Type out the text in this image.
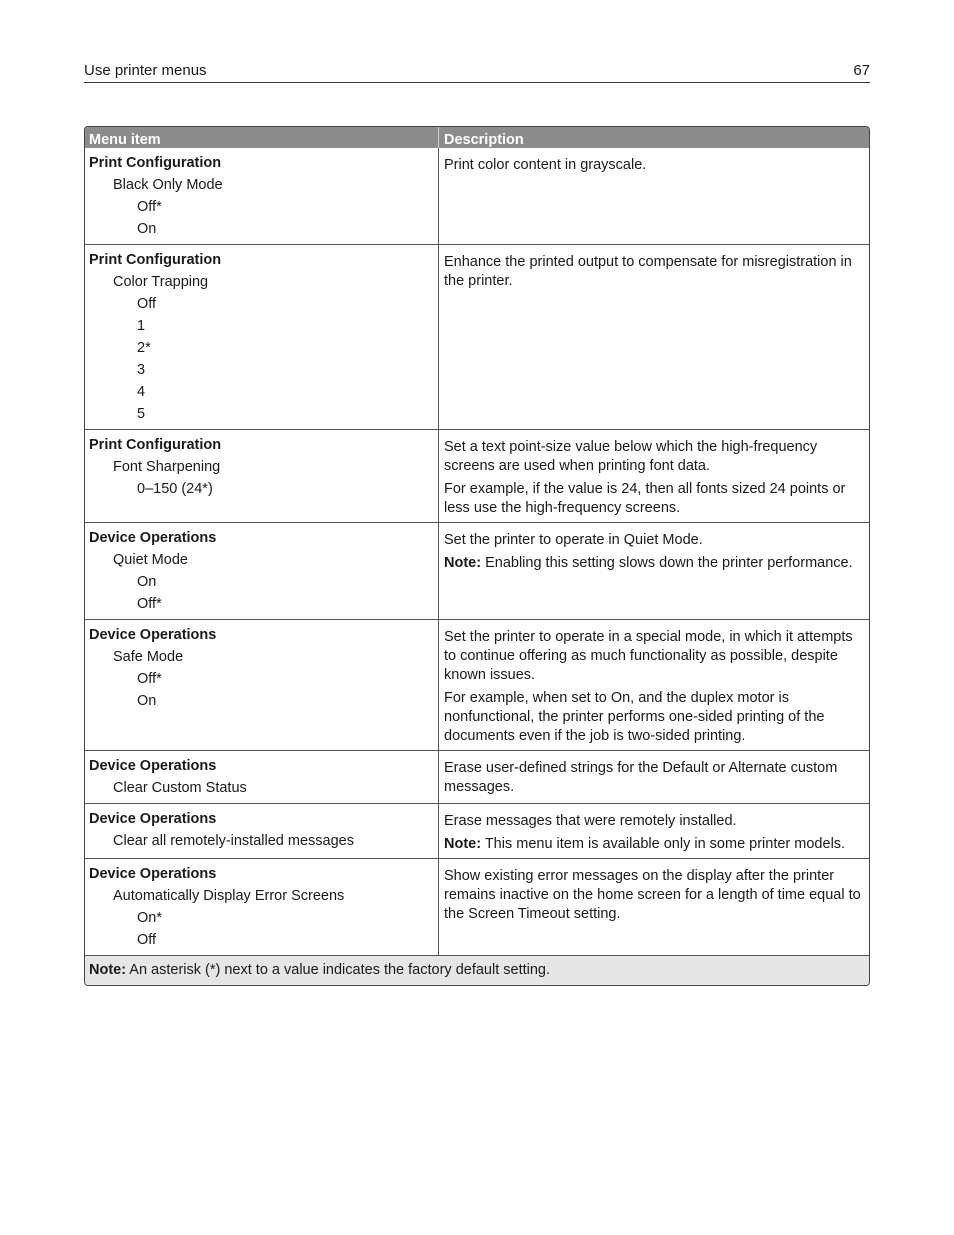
Use printer menus	67
Menu item	Description
Print Configuration
Black Only Mode
Off*
On
Print color content in grayscale.
Print Configuration
Color Trapping
Off
1
2*
3
4
5
Enhance the printed output to compensate for misregistration in the printer.
Print Configuration
Font Sharpening
0–150 (24*)
Set a text point-size value below which the high-frequency screens are used when printing font data.
For example, if the value is 24, then all fonts sized 24 points or less use the high-frequency screens.
Device Operations
Quiet Mode
On
Off*
Set the printer to operate in Quiet Mode.
Note: Enabling this setting slows down the printer performance.
Device Operations
Safe Mode
Off*
On
Set the printer to operate in a special mode, in which it attempts to continue offering as much functionality as possible, despite known issues.
For example, when set to On, and the duplex motor is nonfunctional, the printer performs one-sided printing of the documents even if the job is two-sided printing.
Device Operations
Clear Custom Status
Erase user-defined strings for the Default or Alternate custom messages.
Device Operations
Clear all remotely-installed messages
Erase messages that were remotely installed.
Note: This menu item is available only in some printer models.
Device Operations
Automatically Display Error Screens
On*
Off
Show existing error messages on the display after the printer remains inactive on the home screen for a length of time equal to the Screen Timeout setting.
Note: An asterisk (*) next to a value indicates the factory default setting.
